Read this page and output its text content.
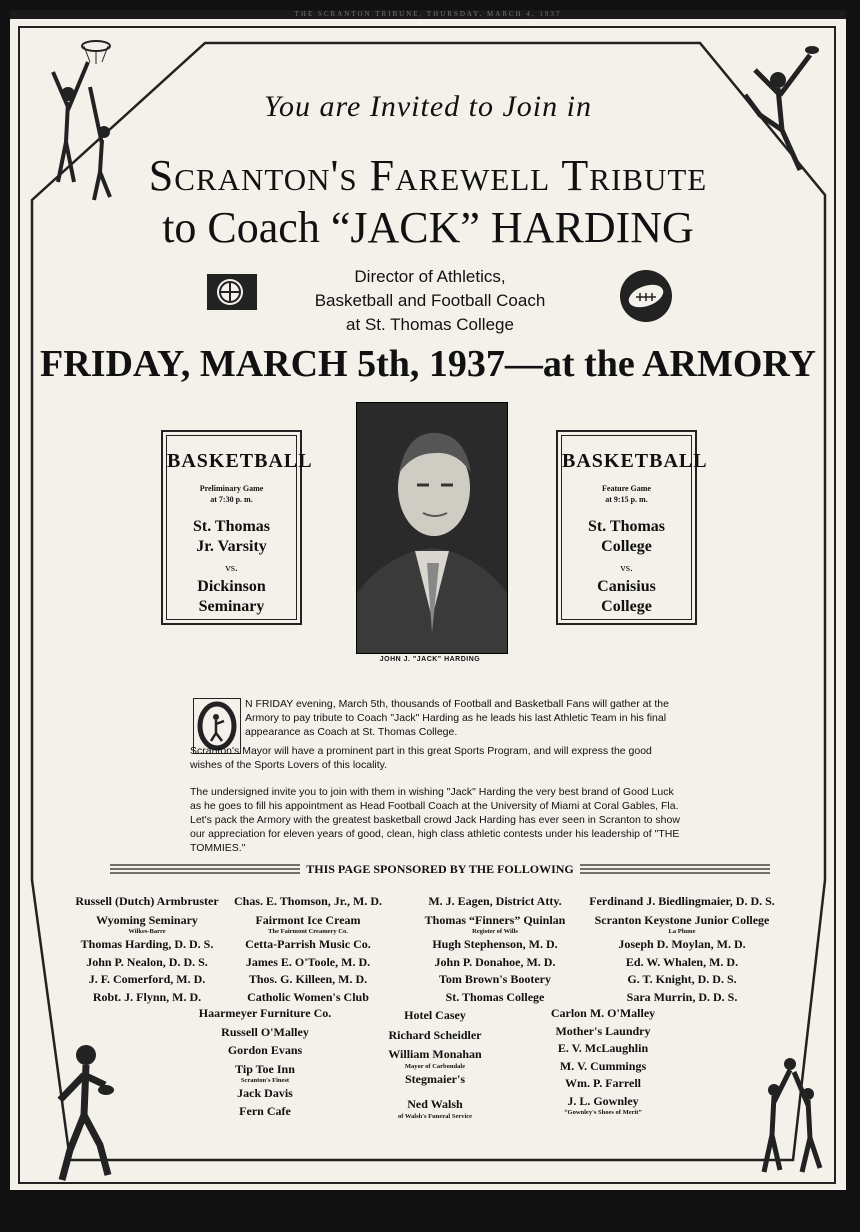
THE SCRANTON TRIBUNE, THURSDAY, MARCH 4, 1937
You are Invited to Join in
Scranton's Farewell Tribute
to Coach “JACK” HARDING
Director of Athletics,
Basketball and Football Coach
at St. Thomas College
FRIDAY, MARCH 5th, 1937—at the ARMORY
BASKETBALL
Preliminary Game
at 7:30 p. m.
St. Thomas
Jr. Varsity
vs.
Dickinson
Seminary
BASKETBALL
Feature Game
at 9:15 p. m.
St. Thomas
College
vs.
Canisius
College
JOHN J. "JACK" HARDING
N FRIDAY evening, March 5th, thousands of Football and Basketball Fans will gather at the
Armory to pay tribute to Coach "Jack" Harding as he leads his last Athletic Team in his final
appearance as Coach at St. Thomas College.
Scranton's Mayor will have a prominent part in this great Sports Program, and will express the good wishes of the Sports Lovers of this locality.
The undersigned invite you to join with them in wishing "Jack" Harding the very best brand of Good Luck as he goes to fill his appointment as Head Football Coach at the University of Miami at Coral Gables, Fla. Let's pack the Armory with the greatest basketball crowd Jack Harding has ever seen in Scranton to show our appreciation for eleven years of good, clean, high class athletic contests under his leadership of "THE TOMMIES."
THIS PAGE SPONSORED BY THE FOLLOWING
Russell (Dutch) Armbruster
Wyoming Seminary
Wilkes-Barre
Thomas Harding, D. D. S.
John P. Nealon, D. D. S.
J. F. Comerford, M. D.
Robt. J. Flynn, M. D.
Chas. E. Thomson, Jr., M. D.
Fairmont Ice Cream
The Fairmont Creamery Co.
Cetta-Parrish Music Co.
James E. O'Toole, M. D.
Thos. G. Killeen, M. D.
Catholic Women's Club
M. J. Eagen, District Atty.
Thomas “Finners” Quinlan
Register of Wills
Hugh Stephenson, M. D.
John P. Donahoe, M. D.
Tom Brown's Bootery
St. Thomas College
Ferdinand J. Biedlingmaier, D. D. S.
Scranton Keystone Junior College
La Plume
Joseph D. Moylan, M. D.
Ed. W. Whalen, M. D.
G. T. Knight, D. D. S.
Sara Murrin, D. D. S.
Haarmeyer Furniture Co.
Russell O'Malley
Gordon Evans
Tip Toe Inn
Scranton's Finest
Jack Davis
Fern Cafe
Hotel Casey
Richard Scheidler
William Monahan
Mayor of Carbondale
Stegmaier's
Ned Walsh
of Walsh's Funeral Service
Carlon M. O'Malley
Mother's Laundry
E. V. McLaughlin
M. V. Cummings
Wm. P. Farrell
J. L. Gownley
“Gownley's Shoes of Merit”
